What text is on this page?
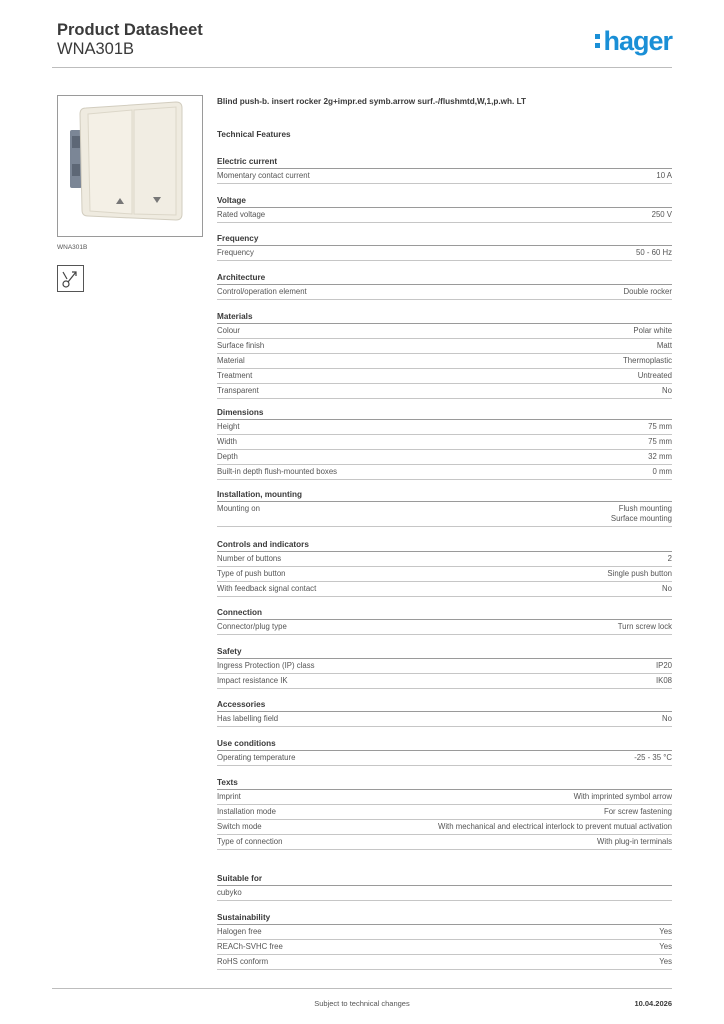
Product Datasheet
WNA301B	hager
WNA301B
Blind push-b. insert rocker 2g+impr.ed symb.arrow surf.-/flushmtd,W,1,p.wh. LT
Technical Features
Electric current
Momentary contact current	10 A
Voltage
Rated voltage	250 V
Frequency
Frequency	50 - 60 Hz
Architecture
Control/operation element	Double rocker
Materials
Colour	Polar white
Surface finish	Matt
Material	Thermoplastic
Treatment	Untreated
Transparent	No
Dimensions
Height	75 mm
Width	75 mm
Depth	32 mm
Built-in depth flush-mounted boxes	0 mm
Installation, mounting
Mounting on	Flush mounting
Surface mounting
Controls and indicators
Number of buttons	2
Type of push button	Single push button
With feedback signal contact	No
Connection
Connector/plug type	Turn screw lock
Safety
Ingress Protection (IP) class	IP20
Impact resistance IK	IK08
Accessories
Has labelling field	No
Use conditions
Operating temperature	-25 - 35 °C
Texts
Imprint	With imprinted symbol arrow
Installation mode	For screw fastening
Switch mode	With mechanical and electrical interlock to prevent mutual activation
Type of connection	With plug-in terminals
Suitable for
cubyko
Sustainability
Halogen free	Yes
REACh-SVHC free	Yes
RoHS conform	Yes
Subject to technical changes	10.04.2026
